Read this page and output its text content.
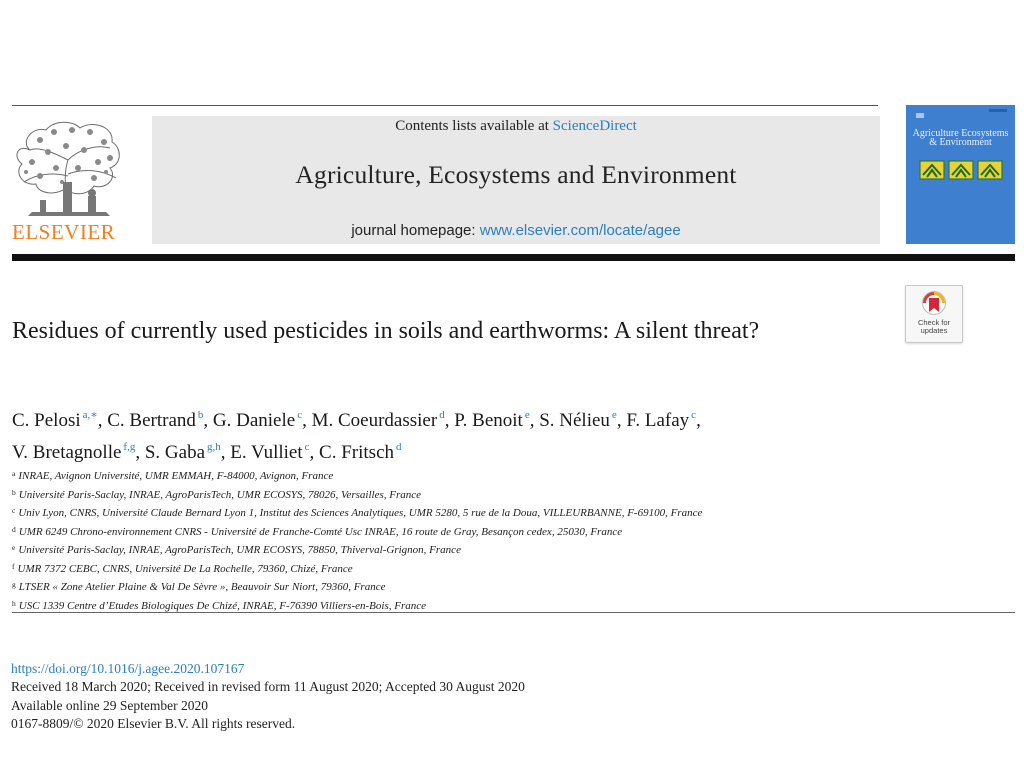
ELSEVIER
Contents lists available at ScienceDirect
Agriculture, Ecosystems and Environment
journal homepage: www.elsevier.com/locate/agee
Agriculture Ecosystems & Environment
Check for
updates
Residues of currently used pesticides in soils and earthworms: A silent threat?
C. Pelosi $^{a,∗}$, C. Bertrand $^b$, G. Daniele $^c$, M. Coeurdassier $^d$, P. Benoit $^e$, S. Nélieu $^e$, F. Lafay $^c$,
V. Bretagnolle $^{f,g}$, S. Gaba $^{g,h}$, E. Vulliet $^c$, C. Fritsch $^d$
$^a$ INRAE, Avignon Université, UMR EMMAH, F-84000, Avignon, France
$^b$ Université Paris-Saclay, INRAE, AgroParisTech, UMR ECOSYS, 78026, Versailles, France
$^c$ Univ Lyon, CNRS, Université Claude Bernard Lyon 1, Institut des Sciences Analytiques, UMR 5280, 5 rue de la Doua, VILLEURBANNE, F-69100, France
$^d$ UMR 6249 Chrono-environnement CNRS - Université de Franche-Comté Usc INRAE, 16 route de Gray, Besançon cedex, 25030, France
$^e$ Université Paris-Saclay, INRAE, AgroParisTech, UMR ECOSYS, 78850, Thiverval-Grignon, France
$^f$ UMR 7372 CEBC, CNRS, Université De La Rochelle, 79360, Chizé, France
$^g$ LTSER « Zone Atelier Plaine & Val De Sèvre », Beauvoir Sur Niort, 79360, France
$^h$ USC 1339 Centre d’Etudes Biologiques De Chizé, INRAE, F-76390 Villiers-en-Bois, France
https://doi.org/10.1016/j.agee.2020.107167
Received 18 March 2020; Received in revised form 11 August 2020; Accepted 30 August 2020
Available online 29 September 2020
0167-8809/© 2020 Elsevier B.V. All rights reserved.
